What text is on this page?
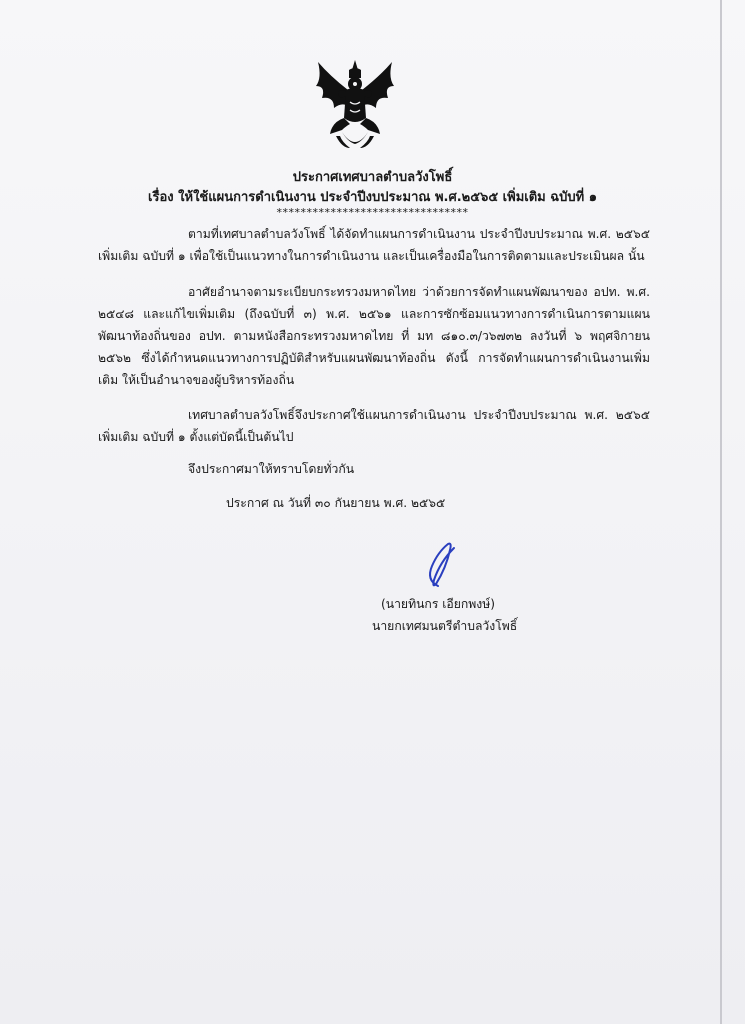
ประกาศเทศบาลตำบลวังโพธิ์
เรื่อง ให้ใช้แผนการดำเนินงาน ประจำปีงบประมาณ พ.ศ.๒๕๖๕ เพิ่มเติม ฉบับที่ ๑
********************************
ตามที่เทศบาลตำบลวังโพธิ์ ได้จัดทำแผนการดำเนินงาน ประจำปีงบประมาณ พ.ศ. ๒๕๖๕ เพิ่มเติม ฉบับที่ ๑ เพื่อใช้เป็นแนวทางในการดำเนินงาน และเป็นเครื่องมือในการติดตามและประเมินผล นั้น
อาศัยอำนาจตามระเบียบกระทรวงมหาดไทย ว่าด้วยการจัดทำแผนพัฒนาของ อปท. พ.ศ. ๒๕๔๘ และแก้ไขเพิ่มเติม (ถึงฉบับที่ ๓) พ.ศ. ๒๕๖๑ และการซักซ้อมแนวทางการดำเนินการตามแผนพัฒนาท้องถิ่นของ อปท. ตามหนังสือกระทรวงมหาดไทย ที่ มท ๘๑๐.๓/ว๖๗๓๒ ลงวันที่ ๖ พฤศจิกายน ๒๕๖๒ ซึ่งได้กำหนดแนวทางการปฏิบัติสำหรับแผนพัฒนาท้องถิ่น ดังนี้ การจัดทำแผนการดำเนินงานเพิ่มเติม ให้เป็นอำนาจของผู้บริหารท้องถิ่น
เทศบาลตำบลวังโพธิ์จึงประกาศใช้แผนการดำเนินงาน ประจำปีงบประมาณ พ.ศ. ๒๕๖๕ เพิ่มเติม ฉบับที่ ๑ ตั้งแต่บัดนี้เป็นต้นไป
จึงประกาศมาให้ทราบโดยทั่วกัน
ประกาศ ณ วันที่ ๓๐ กันยายน พ.ศ. ๒๕๖๕
(นายทินกร เอียกพงษ์)
นายกเทศมนตรีตำบลวังโพธิ์
